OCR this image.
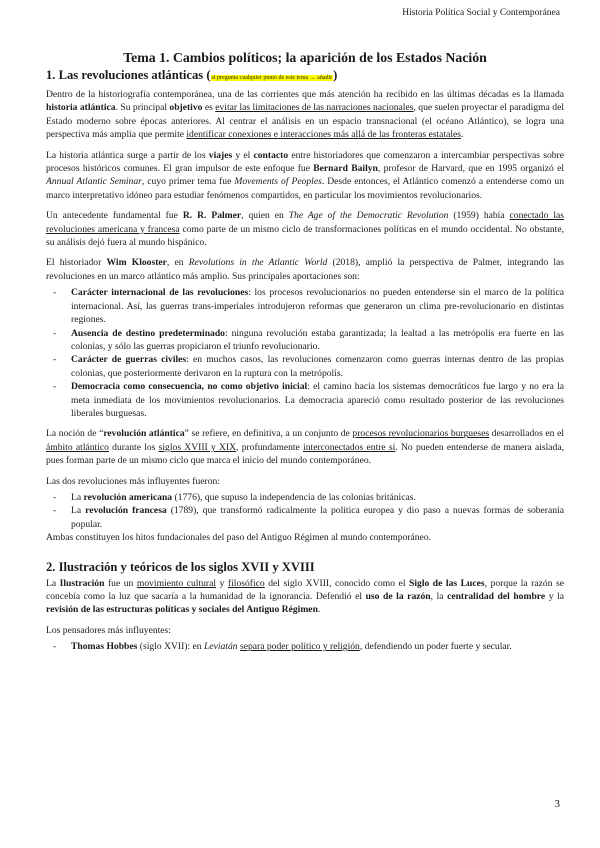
Historia Política Social y Contemporánea
Tema 1. Cambios políticos; la aparición de los Estados Nación
1. Las revoluciones atlánticas (si pregunta cualquier punto de este tema → añadir)

Dentro de la historiografía contemporánea, una de las corrientes que más atención ha recibido en las últimas décadas es la llamada historia atlántica. Su principal objetivo es evitar las limitaciones de las narraciones nacionales, que suelen proyectar el paradigma del Estado moderno sobre épocas anteriores. Al centrar el análisis en un espacio transnacional (el océano Atlántico), se logra una perspectiva más amplia que permite identificar conexiones e interacciones más allá de las fronteras estatales.

La historia atlántica surge a partir de los viajes y el contacto entre historiadores que comenzaron a intercambiar perspectivas sobre procesos históricos comunes. El gran impulsor de este enfoque fue Bernard Bailyn, profesor de Harvard, que en 1995 organizó el Annual Atlantic Seminar, cuyo primer tema fue Movements of Peoples. Desde entonces, el Atlántico comenzó a entenderse como un marco interpretativo idóneo para estudiar fenómenos compartidos, en particular los movimientos revolucionarios.

Un antecedente fundamental fue R. R. Palmer, quien en The Age of the Democratic Revolution (1959) había conectado las revoluciones americana y francesa como parte de un mismo ciclo de transformaciones políticas en el mundo occidental. No obstante, su análisis dejó fuera al mundo hispánico.

El historiador Wim Klooster, en Revolutions in the Atlantic World (2018), amplió la perspectiva de Palmer, integrando las revoluciones en un marco atlántico más amplio. Sus principales aportaciones son:

- Carácter internacional de las revoluciones: los procesos revolucionarios no pueden entenderse sin el marco de la política internacional. Así, las guerras trans-imperiales introdujeron reformas que generaron un clima pre-revolucionario en distintas regiones.
- Ausencia de destino predeterminado: ninguna revolución estaba garantizada; la lealtad a las metrópolis era fuerte en las colonias, y sólo las guerras propiciaron el triunfo revolucionario.
- Carácter de guerras civiles: en muchos casos, las revoluciones comenzaron como guerras internas dentro de las propias colonias, que posteriormente derivaron en la ruptura con la metrópolis.
- Democracia como consecuencia, no como objetivo inicial: el camino hacia los sistemas democráticos fue largo y no era la meta inmediata de los movimientos revolucionarios. La democracia apareció como resultado posterior de las revoluciones liberales burguesas.

La noción de “revolución atlántica” se refiere, en definitiva, a un conjunto de procesos revolucionarios burgueses desarrollados en el ámbito atlántico durante los siglos XVIII y XIX, profundamente interconectados entre sí. No pueden entenderse de manera aislada, pues forman parte de un mismo ciclo que marca el inicio del mundo contemporáneo.

Las dos revoluciones más influyentes fueron:

- La revolución americana (1776), que supuso la independencia de las colonias británicas.
- La revolución francesa (1789), que transformó radicalmente la política europea y dio paso a nuevas formas de soberanía popular.

Ambas constituyen los hitos fundacionales del paso del Antiguo Régimen al mundo contemporáneo.

2. Ilustración y teóricos de los siglos XVII y XVIII

La Ilustración fue un movimiento cultural y filosófico del siglo XVIII, conocido como el Siglo de las Luces, porque la razón se concebía como la luz que sacaría a la humanidad de la ignorancia. Defendió el uso de la razón, la centralidad del hombre y la revisión de las estructuras políticas y sociales del Antiguo Régimen.

Los pensadores más influyentes:

- Thomas Hobbes (siglo XVII): en Leviatán separa poder político y religión, defendiendo un poder fuerte y secular.
3
